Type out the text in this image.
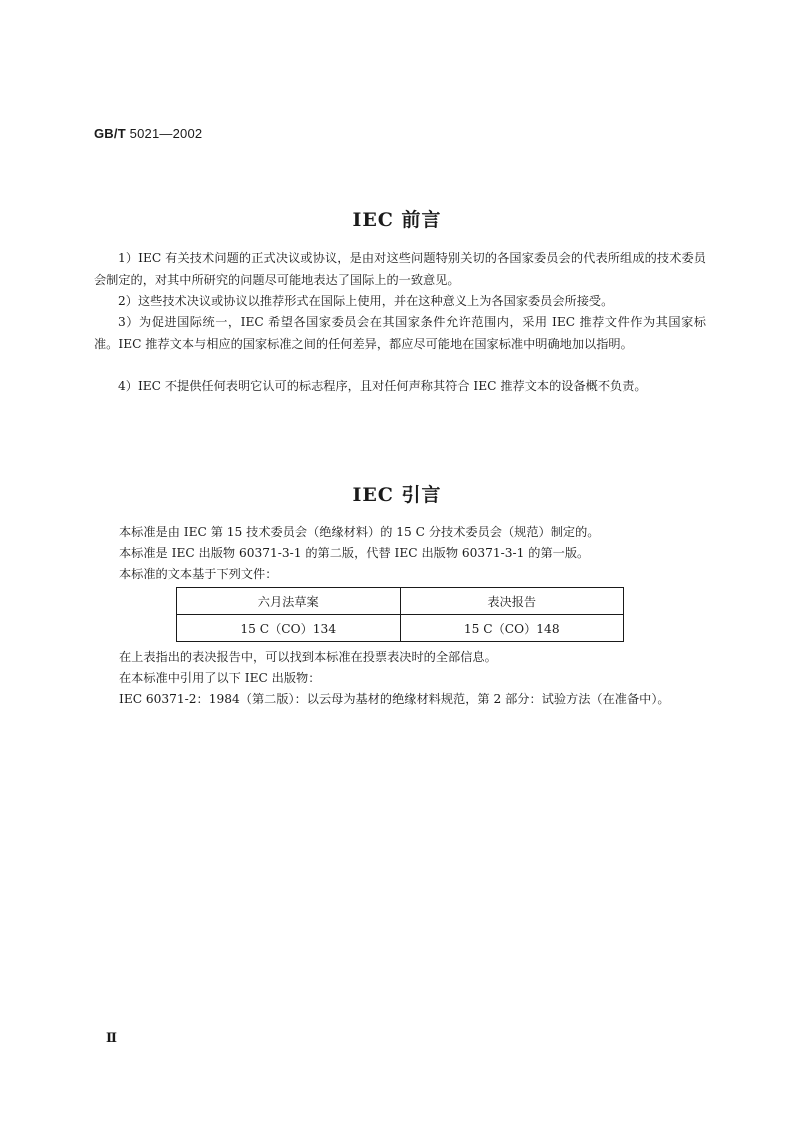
GB/T 5021—2002
IEC 前言
1）IEC 有关技术问题的正式决议或协议，是由对这些问题特别关切的各国家委员会的代表所组成的技术委员会制定的，对其中所研究的问题尽可能地表达了国际上的一致意见。
2）这些技术决议或协议以推荐形式在国际上使用，并在这种意义上为各国家委员会所接受。
3）为促进国际统一，IEC 希望各国家委员会在其国家条件允许范围内，采用 IEC 推荐文件作为其国家标准。IEC 推荐文本与相应的国家标准之间的任何差异，都应尽可能地在国家标准中明确地加以指明。
4）IEC 不提供任何表明它认可的标志程序，且对任何声称其符合 IEC 推荐文本的设备概不负责。
IEC 引言
本标准是由 IEC 第 15 技术委员会（绝缘材料）的 15 C 分技术委员会（规范）制定的。
本标准是 IEC 出版物 60371-3-1 的第二版，代替 IEC 出版物 60371-3-1 的第一版。
本标准的文本基于下列文件：
六月法草案	表决报告
15 C（CO）134	15 C（CO）148
在上表指出的表决报告中，可以找到本标准在投票表决时的全部信息。
在本标准中引用了以下 IEC 出版物：
IEC 60371-2：1984（第二版）：以云母为基材的绝缘材料规范，第 2 部分：试验方法（在准备中）。
Ⅱ
